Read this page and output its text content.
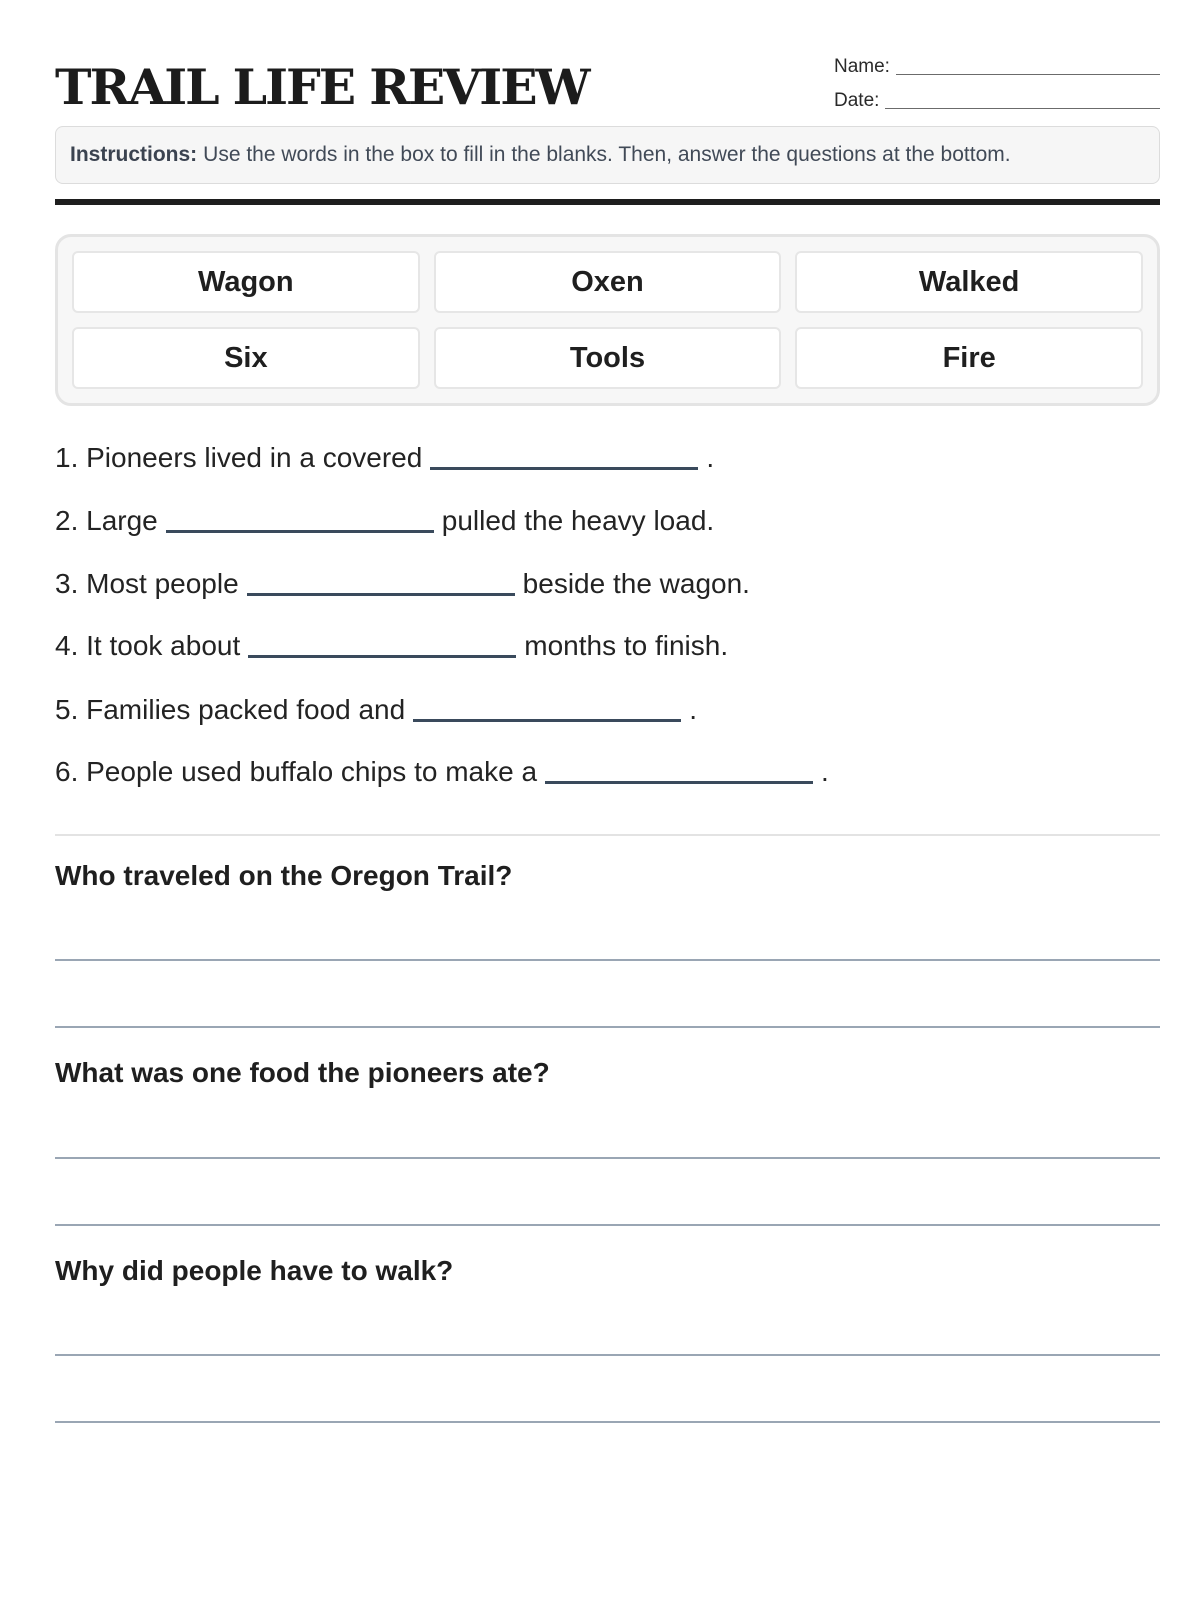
TRAIL LIFE REVIEW	Name:
Date:
Instructions: Use the words in the box to fill in the blanks. Then, answer the questions at the bottom.
Wagon	Oxen	Walked
Six	Tools	Fire
1. Pioneers lived in a covered	.
2. Large	pulled the heavy load.
3. Most people	beside the wagon.
4. It took about	months to finish.
5. Families packed food and	.
6. People used buffalo chips to make a	.
Who traveled on the Oregon Trail?
What was one food the pioneers ate?
Why did people have to walk?
